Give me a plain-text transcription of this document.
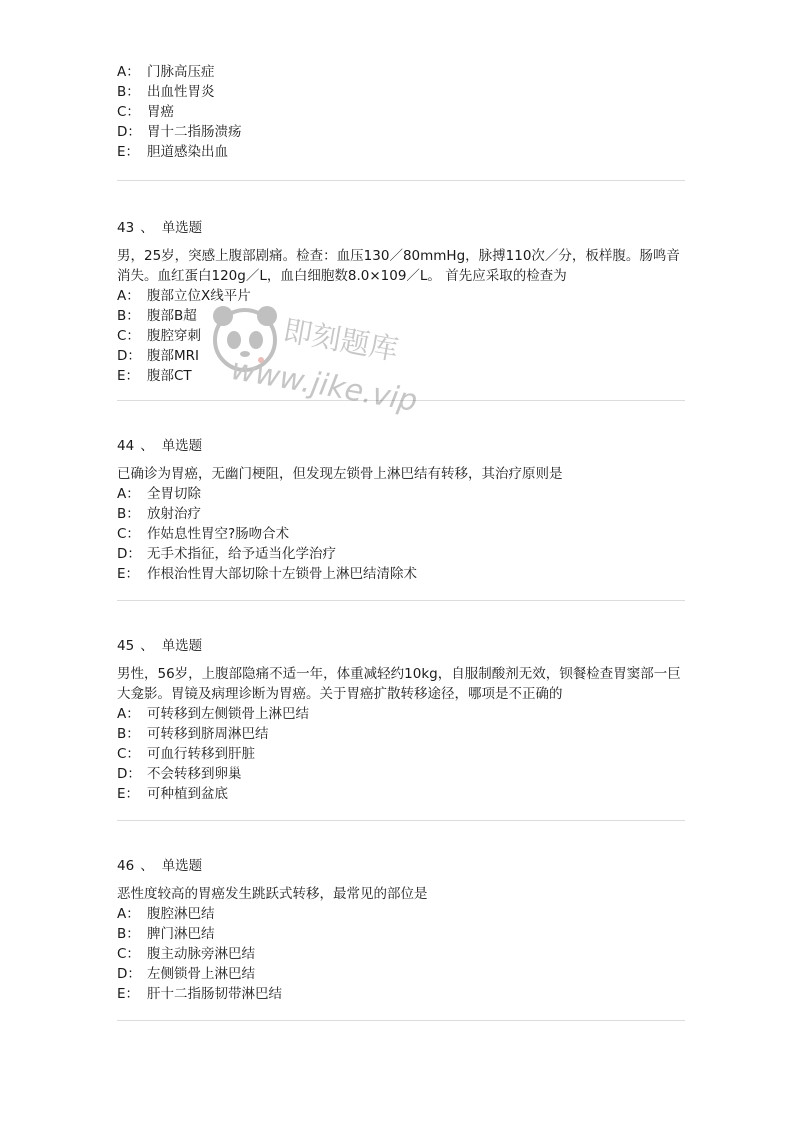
A： 门脉高压症
B： 出血性胃炎
C： 胃癌
D： 胃十二指肠溃疡
E： 胆道感染出血
43 、 单选题
男，25岁，突感上腹部剧痛。检查：血压130／80mmHg，脉搏110次／分，板样腹。肠鸣音消失。血红蛋白120g／L，血白细胞数8.0×109／L。 首先应采取的检查为
A： 腹部立位X线平片
B： 腹部B超
C： 腹腔穿刺
D： 腹部MRI
E： 腹部CT
44 、 单选题
已确诊为胃癌，无幽门梗阻，但发现左锁骨上淋巴结有转移，其治疗原则是
A： 全胃切除
B： 放射治疗
C： 作姑息性胃空?肠吻合术
D： 无手术指征，给予适当化学治疗
E： 作根治性胃大部切除十左锁骨上淋巴结清除术
45 、 单选题
男性，56岁，上腹部隐痛不适一年，体重减轻约10kg，自服制酸剂无效，钡餐检查胃窦部一巨大龛影。胃镜及病理诊断为胃癌。关于胃癌扩散转移途径，哪项是不正确的
A： 可转移到左侧锁骨上淋巴结
B： 可转移到脐周淋巴结
C： 可血行转移到肝脏
D： 不会转移到卵巢
E： 可种植到盆底
46 、 单选题
恶性度较高的胃癌发生跳跃式转移，最常见的部位是
A： 腹腔淋巴结
B： 脾门淋巴结
C： 腹主动脉旁淋巴结
D： 左侧锁骨上淋巴结
E： 肝十二指肠韧带淋巴结
即刻题库
www.jike.vip
